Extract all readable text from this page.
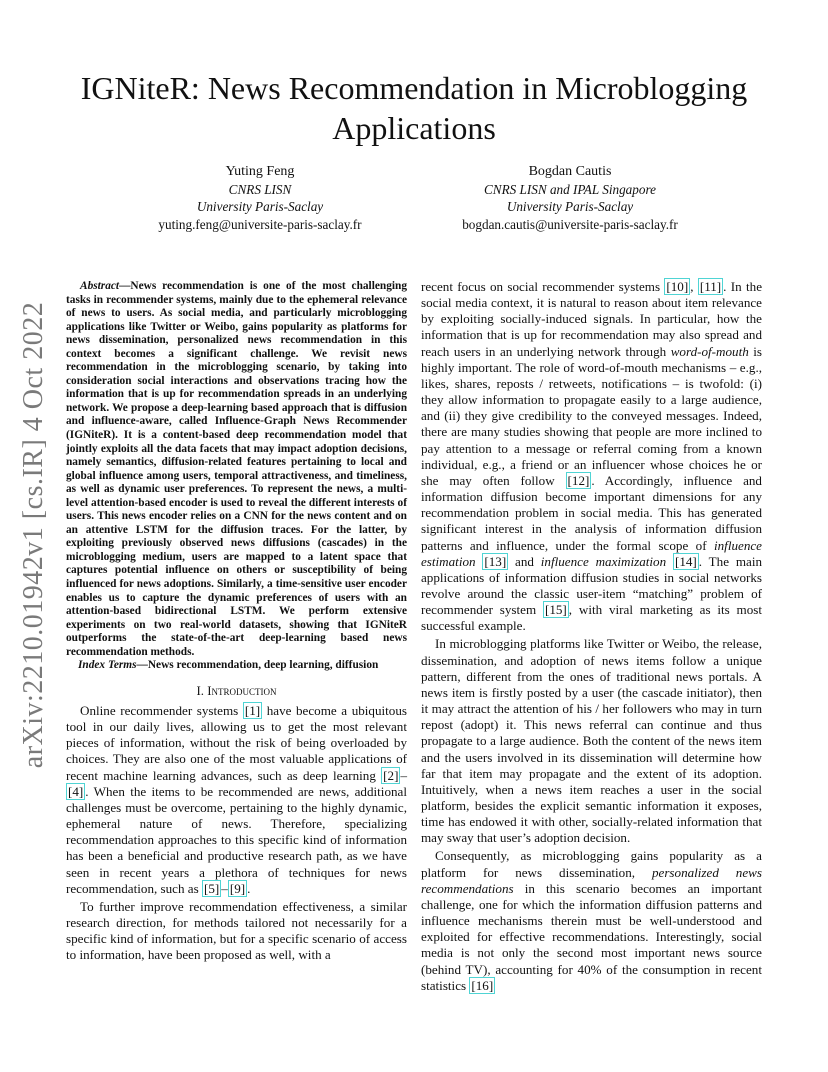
arXiv:2210.01942v1 [cs.IR] 4 Oct 2022
IGNiteR: News Recommendation in Microblogging Applications
Yuting Feng
CNRS LISN
University Paris-Saclay
yuting.feng@universite-paris-saclay.fr
Bogdan Cautis
CNRS LISN and IPAL Singapore
University Paris-Saclay
bogdan.cautis@universite-paris-saclay.fr

Abstract—News recommendation is one of the most challenging tasks in recommender systems, mainly due to the ephemeral relevance of news to users. As social media, and particularly microblogging applications like Twitter or Weibo, gains popularity as platforms for news dissemination, personalized news recommendation in this context becomes a significant challenge. We revisit news recommendation in the microblogging scenario, by taking into consideration social interactions and observations tracing how the information that is up for recommendation spreads in an underlying network. We propose a deep-learning based approach that is diffusion and influence-aware, called Influence-Graph News Recommender (IGNiteR). It is a content-based deep recommendation model that jointly exploits all the data facets that may impact adoption decisions, namely semantics, diffusion-related features pertaining to local and global influence among users, temporal attractiveness, and timeliness, as well as dynamic user preferences. To represent the news, a multi-level attention-based encoder is used to reveal the different interests of users. This news encoder relies on a CNN for the news content and on an attentive LSTM for the diffusion traces. For the latter, by exploiting previously observed news diffusions (cascades) in the microblogging medium, users are mapped to a latent space that captures potential influence on others or susceptibility of being influenced for news adoptions. Similarly, a time-sensitive user encoder enables us to capture the dynamic preferences of users with an attention-based bidirectional LSTM. We perform extensive experiments on two real-world datasets, showing that IGNiteR outperforms the state-of-the-art deep-learning based news recommendation methods.

Index Terms—News recommendation, deep learning, diffusion

I. Introduction

Online recommender systems [1] have become a ubiquitous tool in our daily lives, allowing us to get the most relevant pieces of information, without the risk of being overloaded by choices. They are also one of the most valuable applications of recent machine learning advances, such as deep learning [2] –[4] . When the items to be recommended are news, additional challenges must be overcome, pertaining to the highly dynamic, ephemeral nature of news. Therefore, specializing recommendation approaches to this specific kind of information has been a beneficial and productive research path, as we have seen in recent years a plethora of techniques for news recommendation, such as [5] – [9] .

To further improve recommendation effectiveness, a similar research direction, for methods tailored not necessarily for a specific kind of information, but for a specific scenario of access to information, have been proposed as well, with a

recent focus on social recommender systems [10] , [11] . In the social media context, it is natural to reason about item relevance by exploiting socially-induced signals. In particular, how the information that is up for recommendation may also spread and reach users in an underlying network through word-of-mouth is highly important. The role of word-of-mouth mechanisms – e.g., likes, shares, reposts / retweets, notifications – is twofold: (i) they allow information to propagate easily to a large audience, and (ii) they give credibility to the conveyed messages. Indeed, there are many studies showing that people are more inclined to pay attention to a message or referral coming from a known individual, e.g., a friend or an influencer whose choices he or she may often follow [12] . Accordingly, influence and information diffusion become important dimensions for any recommendation problem in social media. This has generated significant interest in the analysis of information diffusion patterns and influence, under the formal scope of influence estimation [13] and influence maximization [14] . The main applications of information diffusion studies in social networks revolve around the classic user-item “matching” problem of recommender system [15] , with viral marketing as its most successful example.

In microblogging platforms like Twitter or Weibo, the release, dissemination, and adoption of news items follow a unique pattern, different from the ones of traditional news portals. A news item is firstly posted by a user (the cascade initiator), then it may attract the attention of his / her followers who may in turn repost (adopt) it. This news referral can continue and thus propagate to a large audience. Both the content of the news item and the users involved in its dissemination will determine how far that item may propagate and the extent of its adoption. Intuitively, when a news item reaches a user in the social platform, besides the explicit semantic information it exposes, time has endowed it with other, socially-related information that may sway that user’s adoption decision.

Consequently, as microblogging gains popularity as a platform for news dissemination, personalized news recommendations in this scenario becomes an important challenge, one for which the information diffusion patterns and influence mechanisms therein must be well-understood and exploited for effective recommendations. Interestingly, social media is not only the second most important news source (behind TV), accounting for 40% of the consumption in recent statistics [16]
